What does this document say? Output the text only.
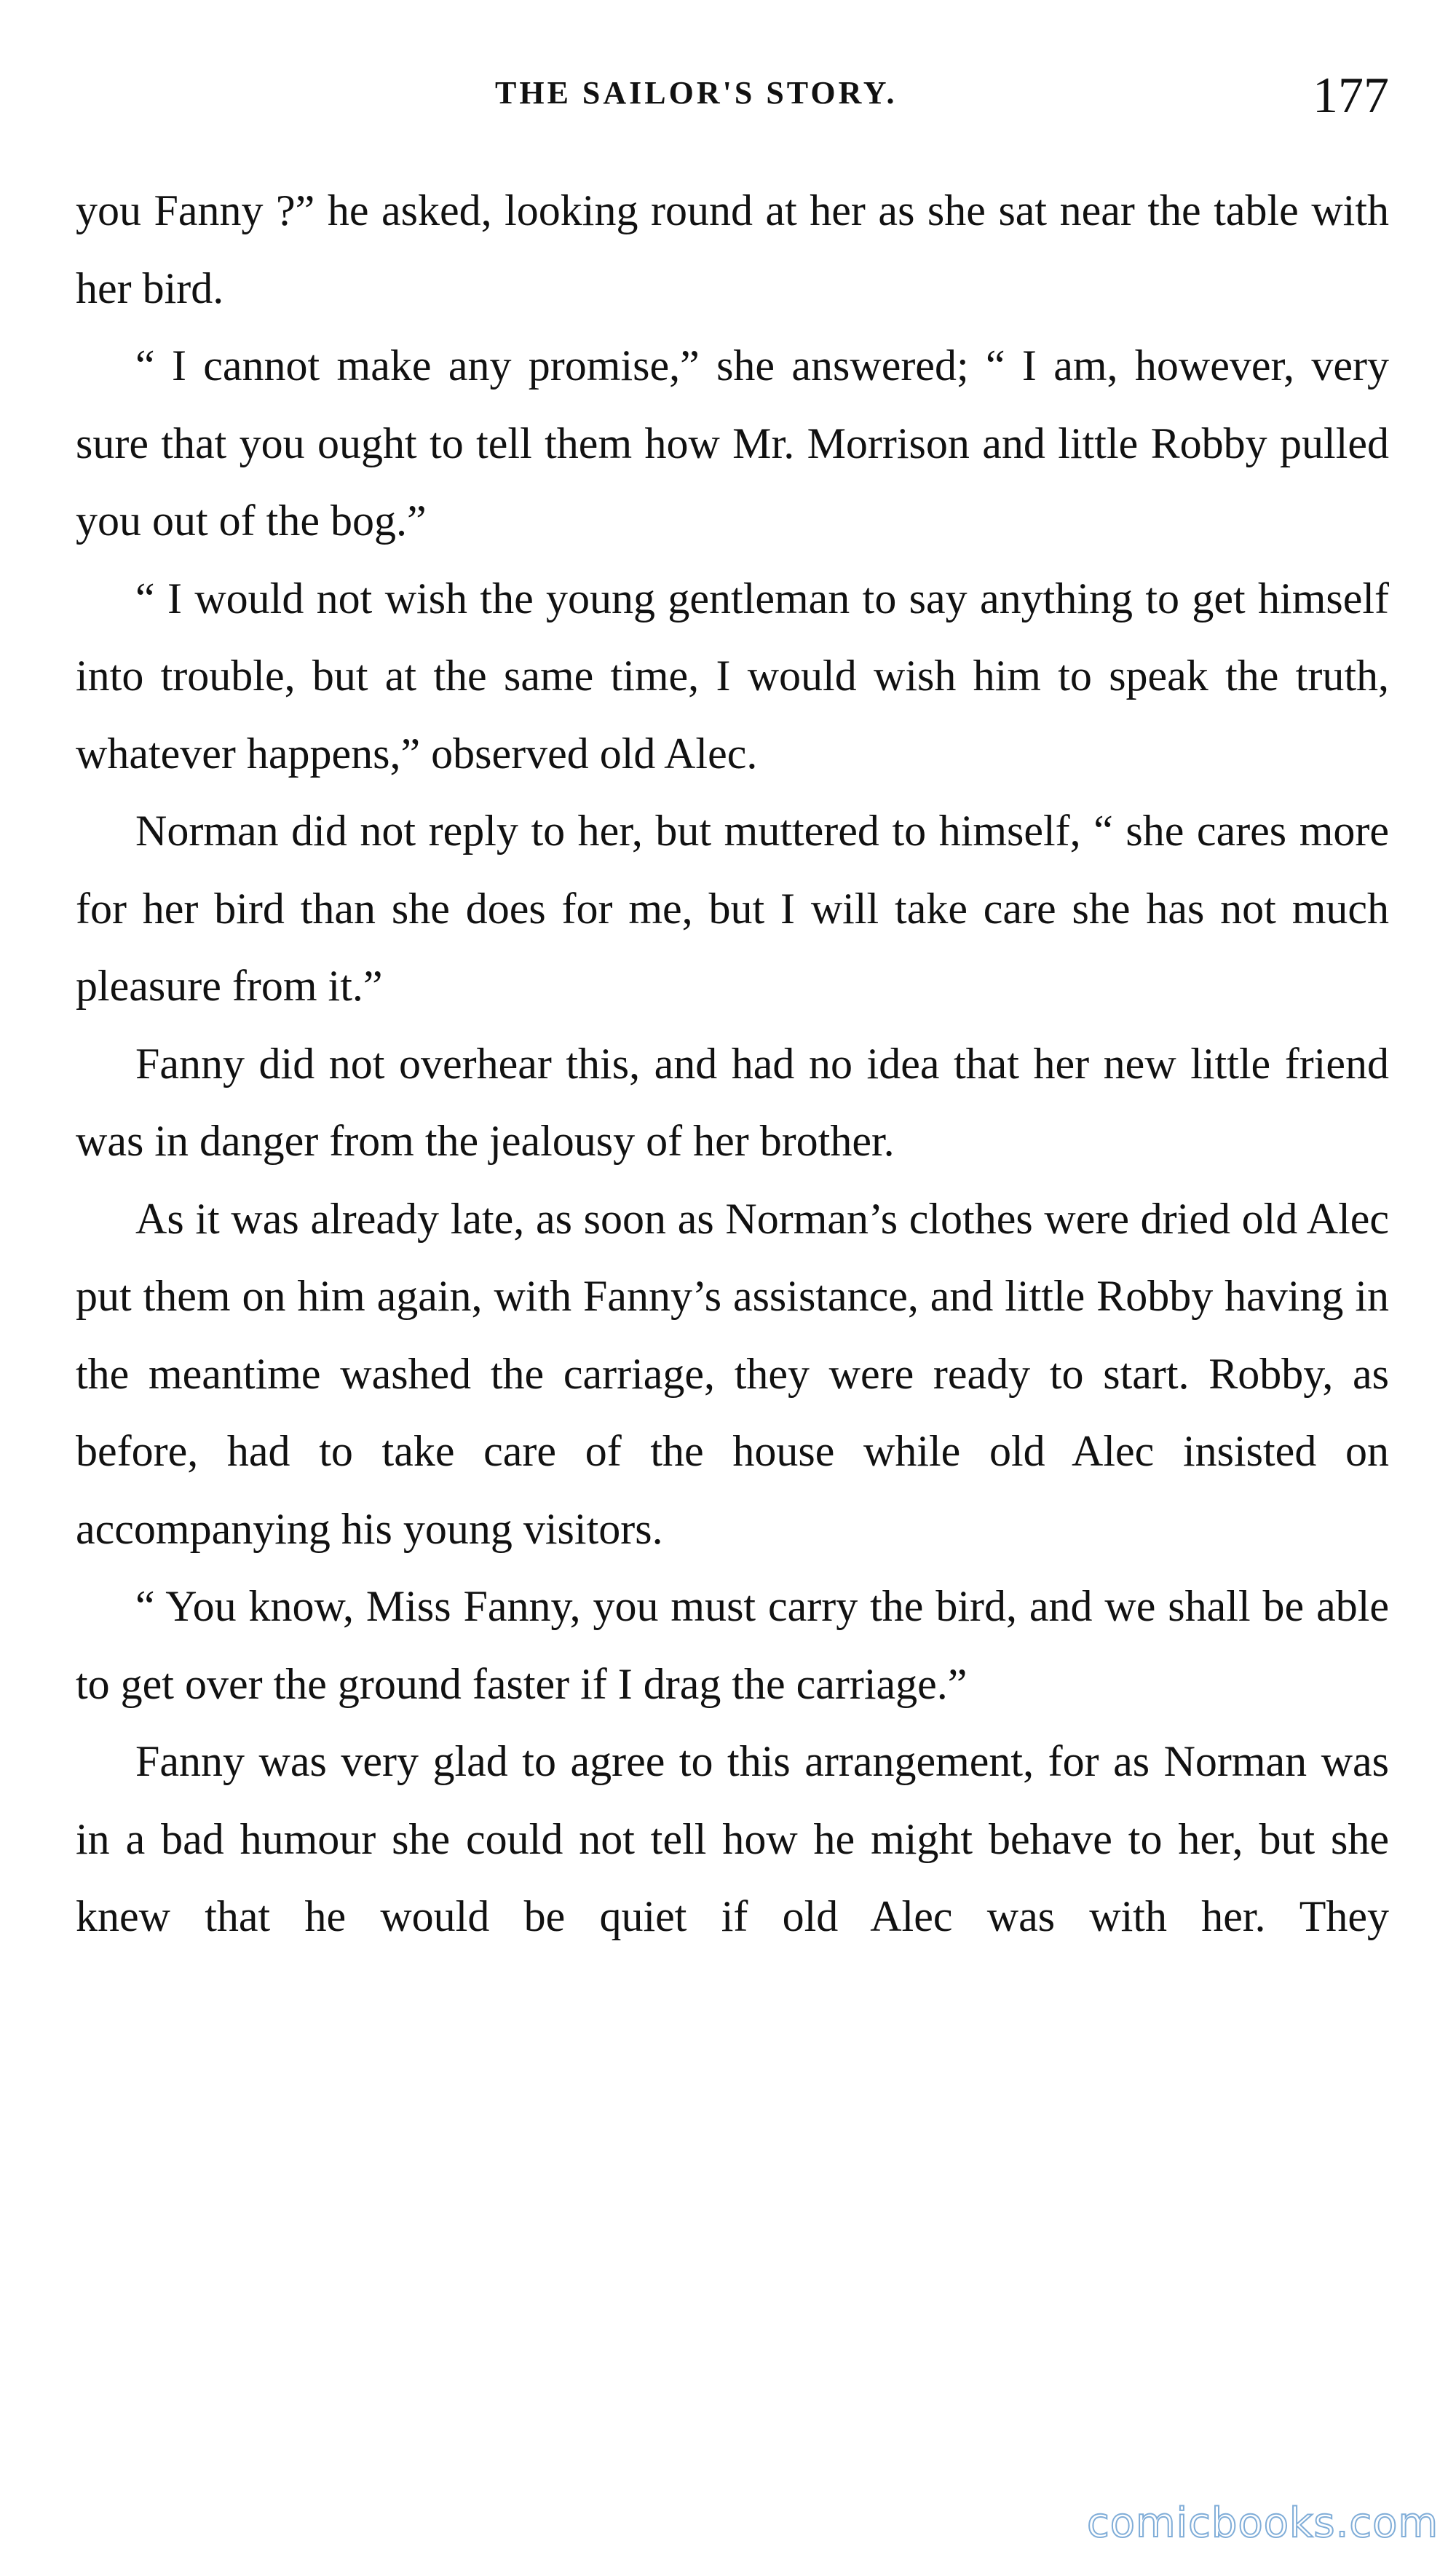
THE SAILOR'S STORY.	177

you Fanny ?” he asked, looking round at her as she sat near the table with her bird.

“ I cannot make any promise,” she answered; “ I am, however, very sure that you ought to tell them how Mr. Morrison and little Robby pulled you out of the bog.”

“ I would not wish the young gentleman to say anything to get himself into trouble, but at the same time, I would wish him to speak the truth, whatever happens,” observed old Alec.

Norman did not reply to her, but muttered to himself, “ she cares more for her bird than she does for me, but I will take care she has not much pleasure from it.”

Fanny did not overhear this, and had no idea that her new little friend was in danger from the jealousy of her brother.

As it was already late, as soon as Norman’s clothes were dried old Alec put them on him again, with Fanny’s assistance, and little Robby having in the meantime washed the carriage, they were ready to start. Robby, as before, had to take care of the house while old Alec insisted on accompanying his young visitors.

“ You know, Miss Fanny, you must carry the bird, and we shall be able to get over the ground faster if I drag the carriage.”

Fanny was very glad to agree to this arrangement, for as Norman was in a bad humour she could not tell how he might behave to her, but she knew that he would be quiet if old Alec was with her. They

comicbooks.com
